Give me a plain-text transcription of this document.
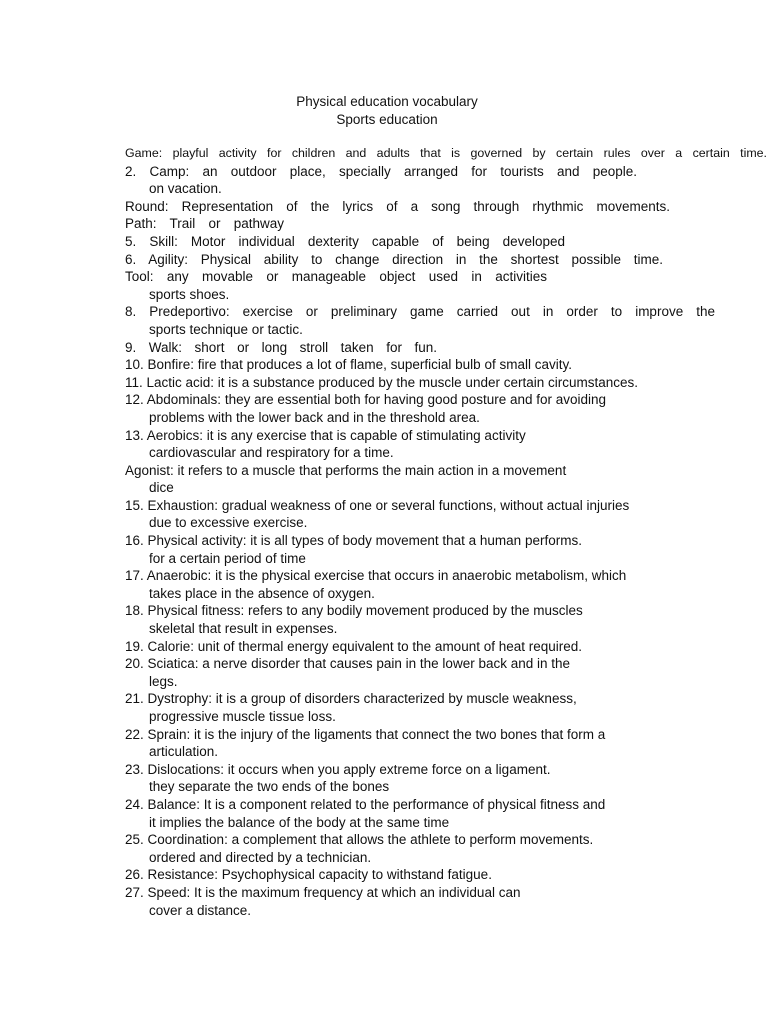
Physical education vocabulary
Sports education
Game: playful activity for children and adults that is governed by certain rules over a certain time.
2. Camp: an outdoor place, specially arranged for tourists and people.
on vacation.
Round: Representation of the lyrics of a song through rhythmic movements.
Path: Trail or pathway
5. Skill: Motor individual dexterity capable of being developed
6. Agility: Physical ability to change direction in the shortest possible time.
Tool: any movable or manageable object used in activities
sports shoes.
8. Predeportivo: exercise or preliminary game carried out in order to improve the
sports technique or tactic.
9. Walk: short or long stroll taken for fun.
10. Bonfire: fire that produces a lot of flame, superficial bulb of small cavity.
11. Lactic acid: it is a substance produced by the muscle under certain circumstances.
12. Abdominals: they are essential both for having good posture and for avoiding
problems with the lower back and in the threshold area.
13. Aerobics: it is any exercise that is capable of stimulating activity
cardiovascular and respiratory for a time.
Agonist: it refers to a muscle that performs the main action in a movement
dice
15. Exhaustion: gradual weakness of one or several functions, without actual injuries
due to excessive exercise.
16. Physical activity: it is all types of body movement that a human performs.
for a certain period of time
17. Anaerobic: it is the physical exercise that occurs in anaerobic metabolism, which
takes place in the absence of oxygen.
18. Physical fitness: refers to any bodily movement produced by the muscles
skeletal that result in expenses.
19. Calorie: unit of thermal energy equivalent to the amount of heat required.
20. Sciatica: a nerve disorder that causes pain in the lower back and in the
legs.
21. Dystrophy: it is a group of disorders characterized by muscle weakness,
progressive muscle tissue loss.
22. Sprain: it is the injury of the ligaments that connect the two bones that form a
articulation.
23. Dislocations: it occurs when you apply extreme force on a ligament.
they separate the two ends of the bones
24. Balance: It is a component related to the performance of physical fitness and
it implies the balance of the body at the same time
25. Coordination: a complement that allows the athlete to perform movements.
ordered and directed by a technician.
26. Resistance: Psychophysical capacity to withstand fatigue.
27. Speed: It is the maximum frequency at which an individual can
cover a distance.
